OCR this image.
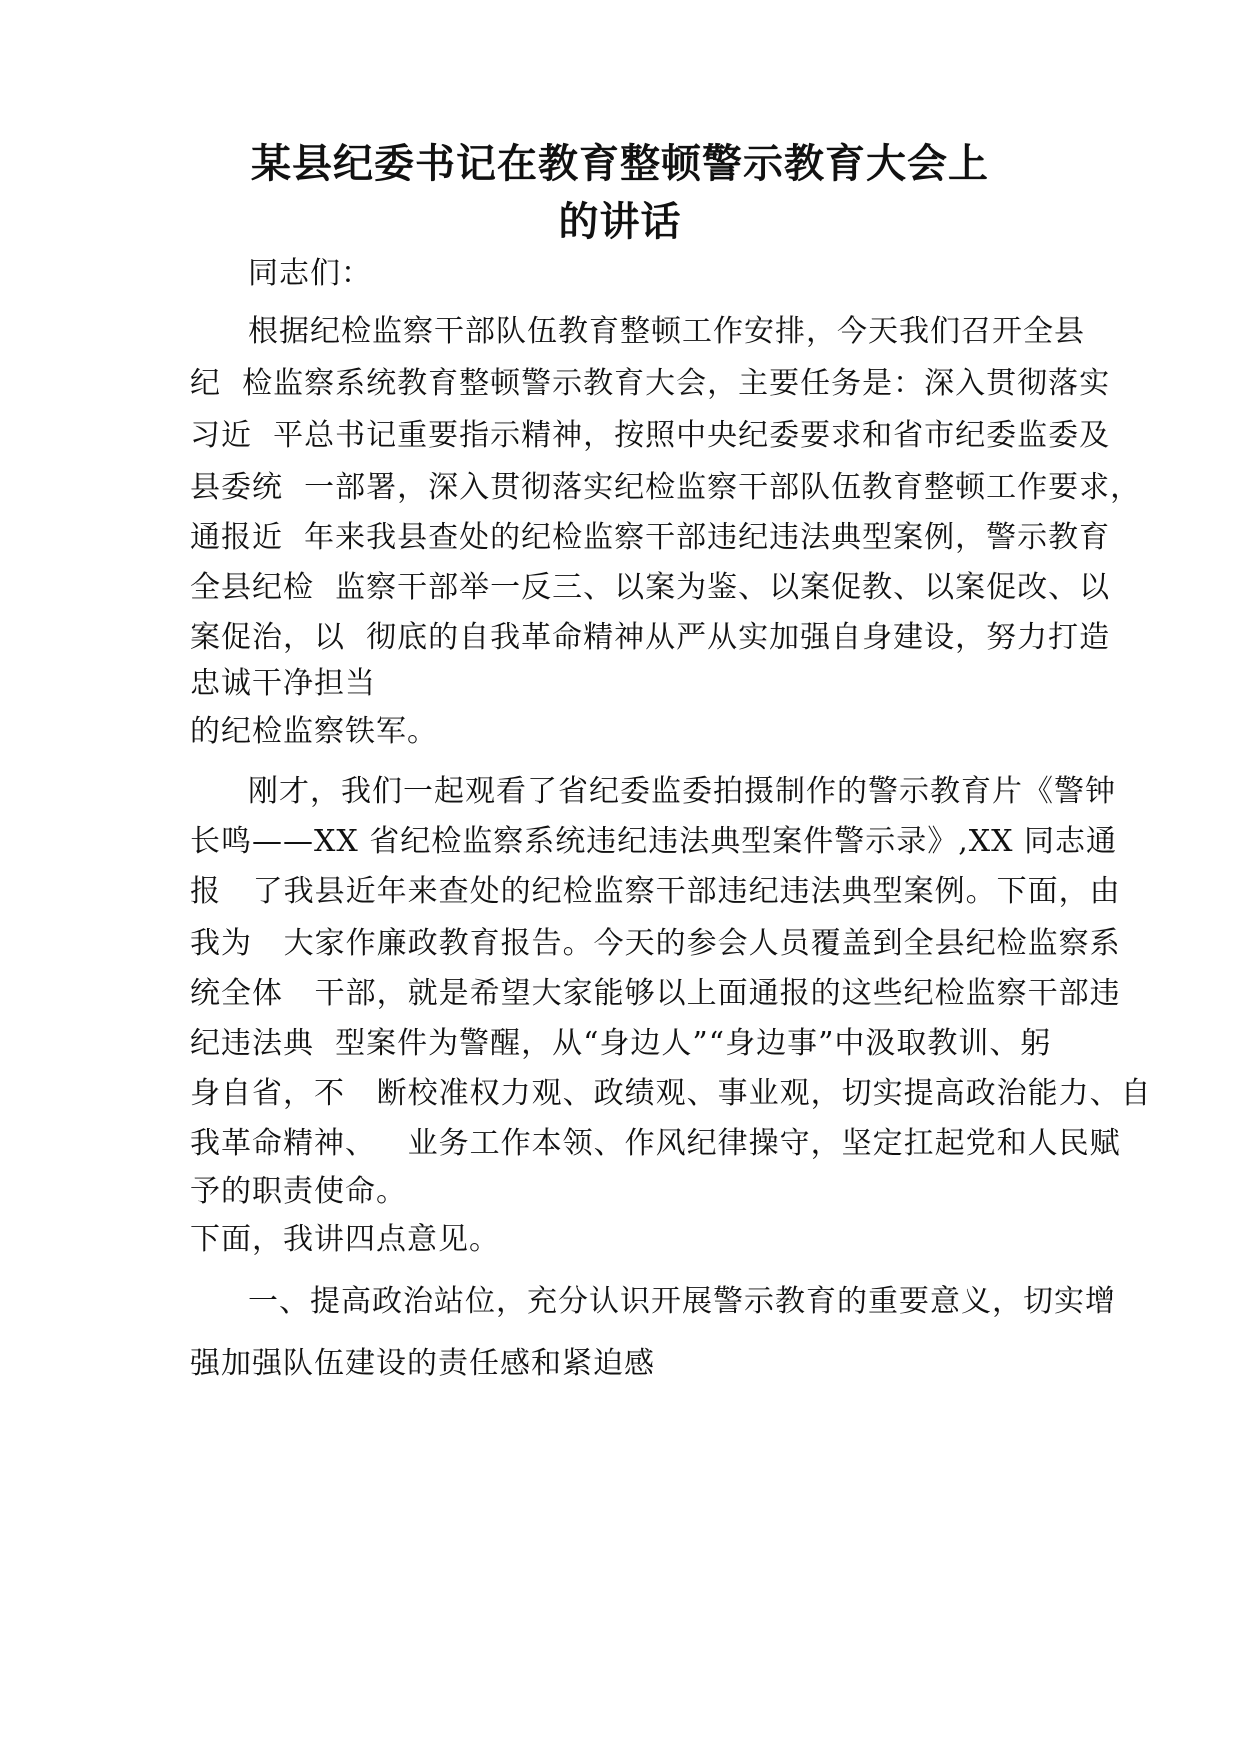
某县纪委书记在教育整顿警示教育大会上
的讲话
同志们：
根据纪检监察干部队伍教育整顿工作安排，今天我们召开全县
纪  检监察系统教育整顿警示教育大会，主要任务是：深入贯彻落实
习近  平总书记重要指示精神，按照中央纪委要求和省市纪委监委及
县委统  一部署，深入贯彻落实纪检监察干部队伍教育整顿工作要求，
通报近  年来我县查处的纪检监察干部违纪违法典型案例，警示教育
全县纪检  监察干部举一反三、以案为鉴、以案促教、以案促改、以
案促治，以  彻底的自我革命精神从严从实加强自身建设，努力打造
忠诚干净担当
的纪检监察铁军。
刚才，我们一起观看了省纪委监委拍摄制作的警示教育片《警钟
长鸣——XX 省纪检监察系统违纪违法典型案件警示录》,XX 同志通
报   了我县近年来查处的纪检监察干部违纪违法典型案例。下面，由
我为   大家作廉政教育报告。今天的参会人员覆盖到全县纪检监察系
统全体   干部，就是希望大家能够以上面通报的这些纪检监察干部违
纪违法典  型案件为警醒，从“身边人”“身边事”中汲取教训、躬
身自省，不   断校准权力观、政绩观、事业观，切实提高政治能力、自
我革命精神、   业务工作本领、作风纪律操守，坚定扛起党和人民赋
予的职责使命。
下面，我讲四点意见。
一、提高政治站位，充分认识开展警示教育的重要意义，切实增
强加强队伍建设的责任感和紧迫感
